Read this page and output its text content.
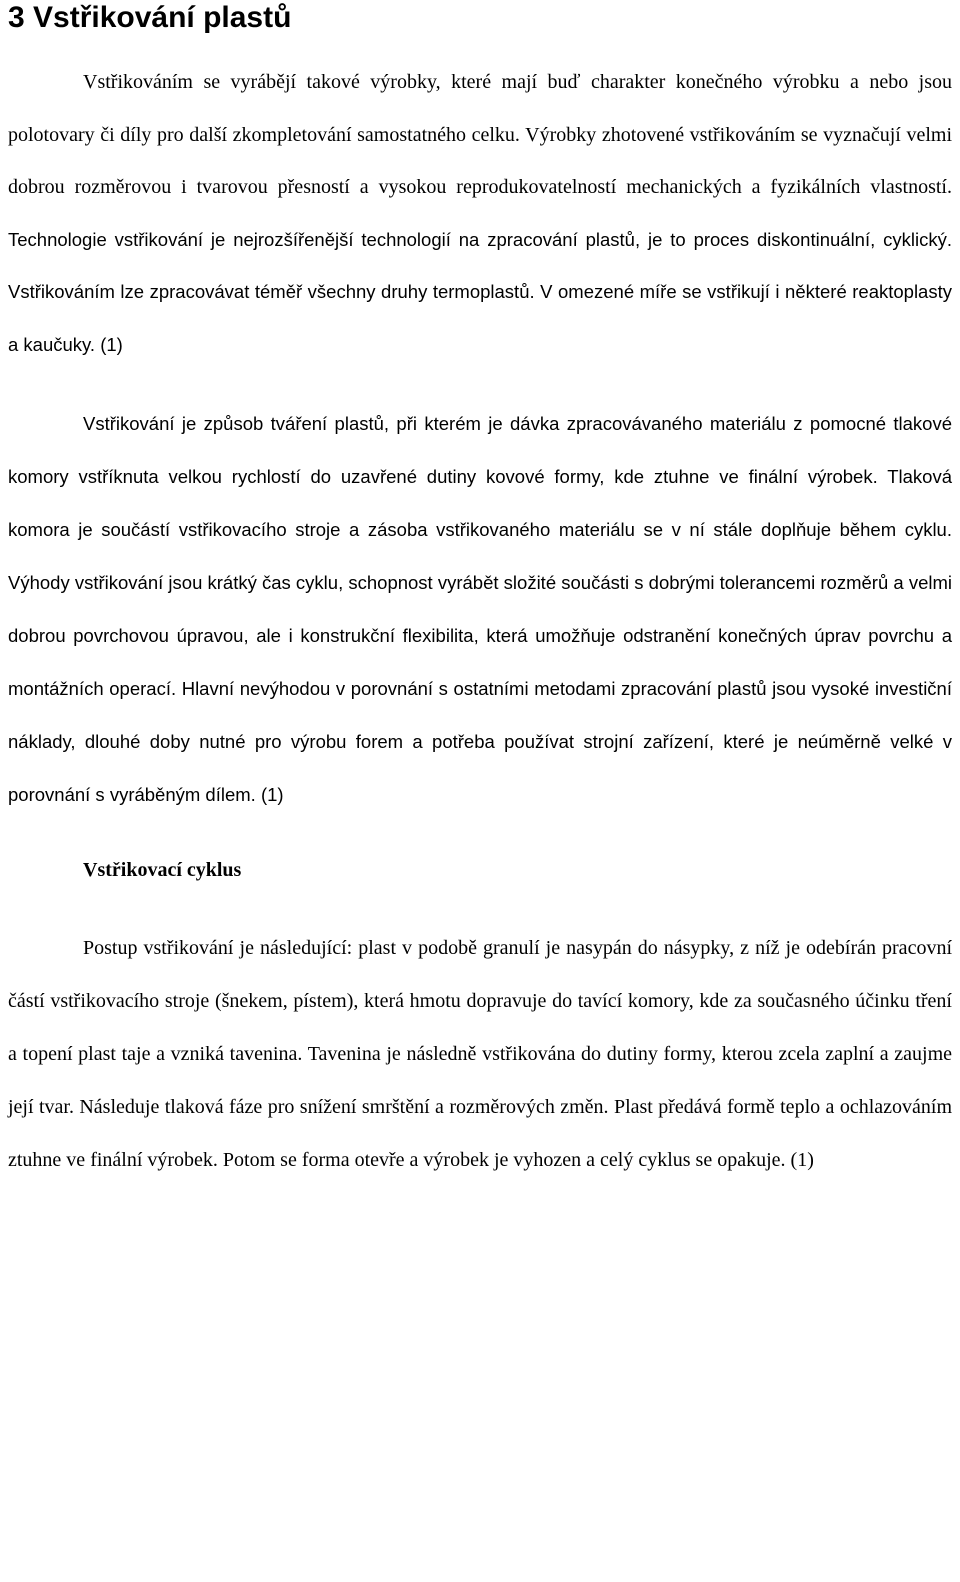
3 Vstřikování plastů

Vstřikováním se vyrábějí takové výrobky, které mají buď charakter konečného výrobku a nebo jsou polotovary či díly pro další zkompletování samostatného celku. Výrobky zhotovené vstřikováním se vyznačují velmi dobrou rozměrovou i tvarovou přesností a vysokou reprodukovatelností mechanických a fyzikálních vlastností. Technologie vstřikování je nejrozšířenější technologií na zpracování plastů, je to proces diskontinuální, cyklický. Vstřikováním lze zpracovávat téměř všechny druhy termoplastů. V omezené míře se vstřikují i některé reaktoplasty a kaučuky. (1)

Vstřikování je způsob tváření plastů, při kterém je dávka zpracovávaného materiálu z pomocné tlakové komory vstříknuta velkou rychlostí do uzavřené dutiny kovové formy, kde ztuhne ve finální výrobek. Tlaková komora je součástí vstřikovacího stroje a zásoba vstřikovaného materiálu se v ní stále doplňuje během cyklu. Výhody vstřikování jsou krátký čas cyklu, schopnost vyrábět složité součásti s dobrými tolerancemi rozměrů a velmi dobrou povrchovou úpravou, ale i konstrukční flexibilita, která umožňuje odstranění konečných úprav povrchu a montážních operací. Hlavní nevýhodou v porovnání s ostatními metodami zpracování plastů jsou vysoké investiční náklady, dlouhé doby nutné pro výrobu forem a potřeba používat strojní zařízení, které je neúměrně velké v porovnání s vyráběným dílem. (1)

Vstřikovací cyklus

Postup vstřikování je následující: plast v podobě granulí je nasypán do násypky, z níž je odebírán pracovní částí vstřikovacího stroje (šnekem, pístem), která hmotu dopravuje do tavící komory, kde za současného účinku tření a topení plast taje a vzniká tavenina. Tavenina je následně vstřikována do dutiny formy, kterou zcela zaplní a zaujme její tvar. Následuje tlaková fáze pro snížení smrštění a rozměrových změn. Plast předává formě teplo a ochlazováním ztuhne ve finální výrobek. Potom se forma otevře a výrobek je vyhozen a celý cyklus se opakuje. (1)
